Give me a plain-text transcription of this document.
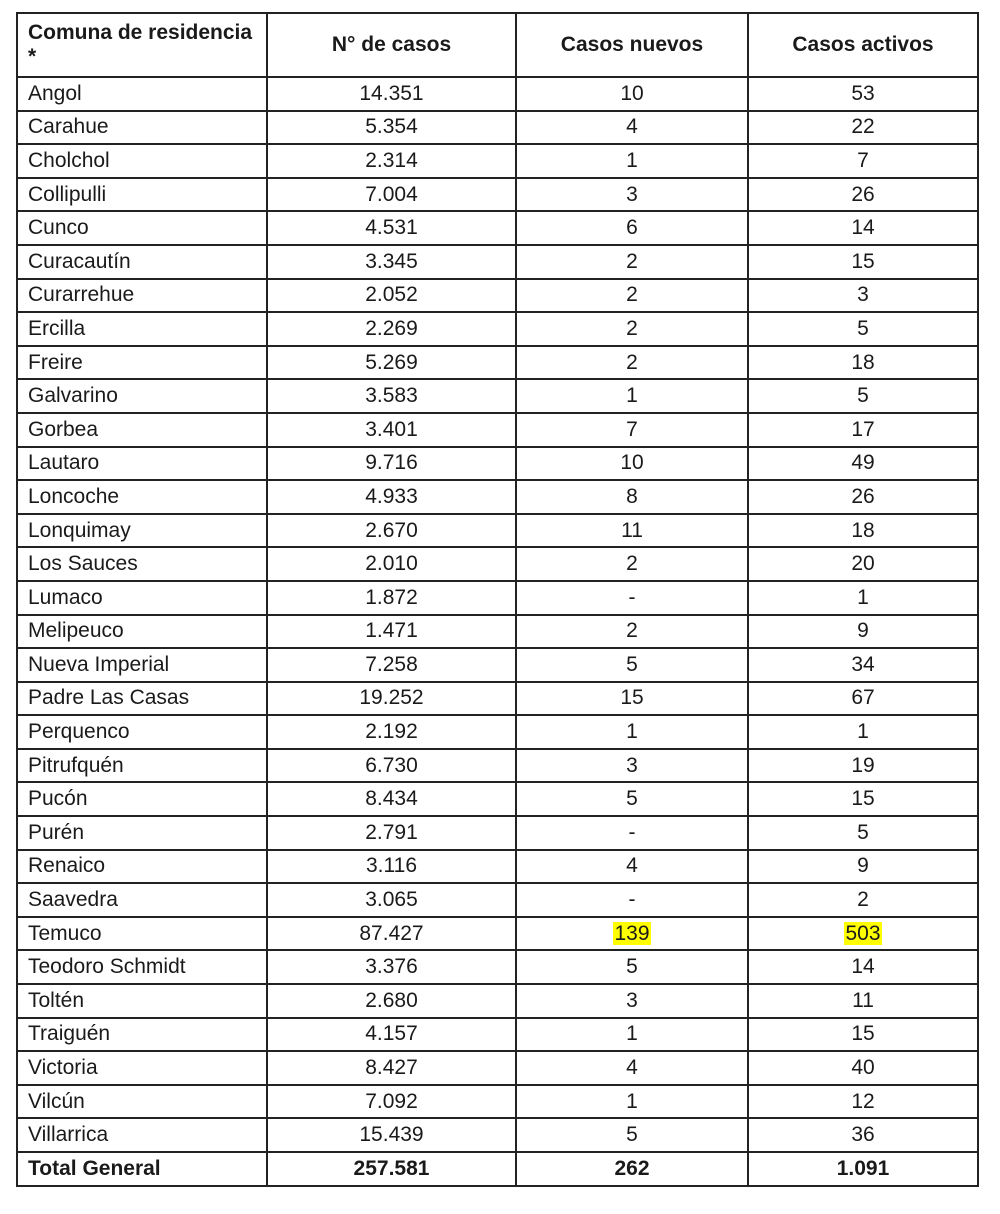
Comuna de residencia *	N° de casos	Casos nuevos	Casos activos
Angol	14.351	10	53
Carahue	5.354	4	22
Cholchol	2.314	1	7
Collipulli	7.004	3	26
Cunco	4.531	6	14
Curacautín	3.345	2	15
Curarrehue	2.052	2	3
Ercilla	2.269	2	5
Freire	5.269	2	18
Galvarino	3.583	1	5
Gorbea	3.401	7	17
Lautaro	9.716	10	49
Loncoche	4.933	8	26
Lonquimay	2.670	11	18
Los Sauces	2.010	2	20
Lumaco	1.872	-	1
Melipeuco	1.471	2	9
Nueva Imperial	7.258	5	34
Padre Las Casas	19.252	15	67
Perquenco	2.192	1	1
Pitrufquén	6.730	3	19
Pucón	8.434	5	15
Purén	2.791	-	5
Renaico	3.116	4	9
Saavedra	3.065	-	2
Temuco	87.427	139	503
Teodoro Schmidt	3.376	5	14
Toltén	2.680	3	11
Traiguén	4.157	1	15
Victoria	8.427	4	40
Vilcún	7.092	1	12
Villarrica	15.439	5	36
Total General	257.581	262	1.091
